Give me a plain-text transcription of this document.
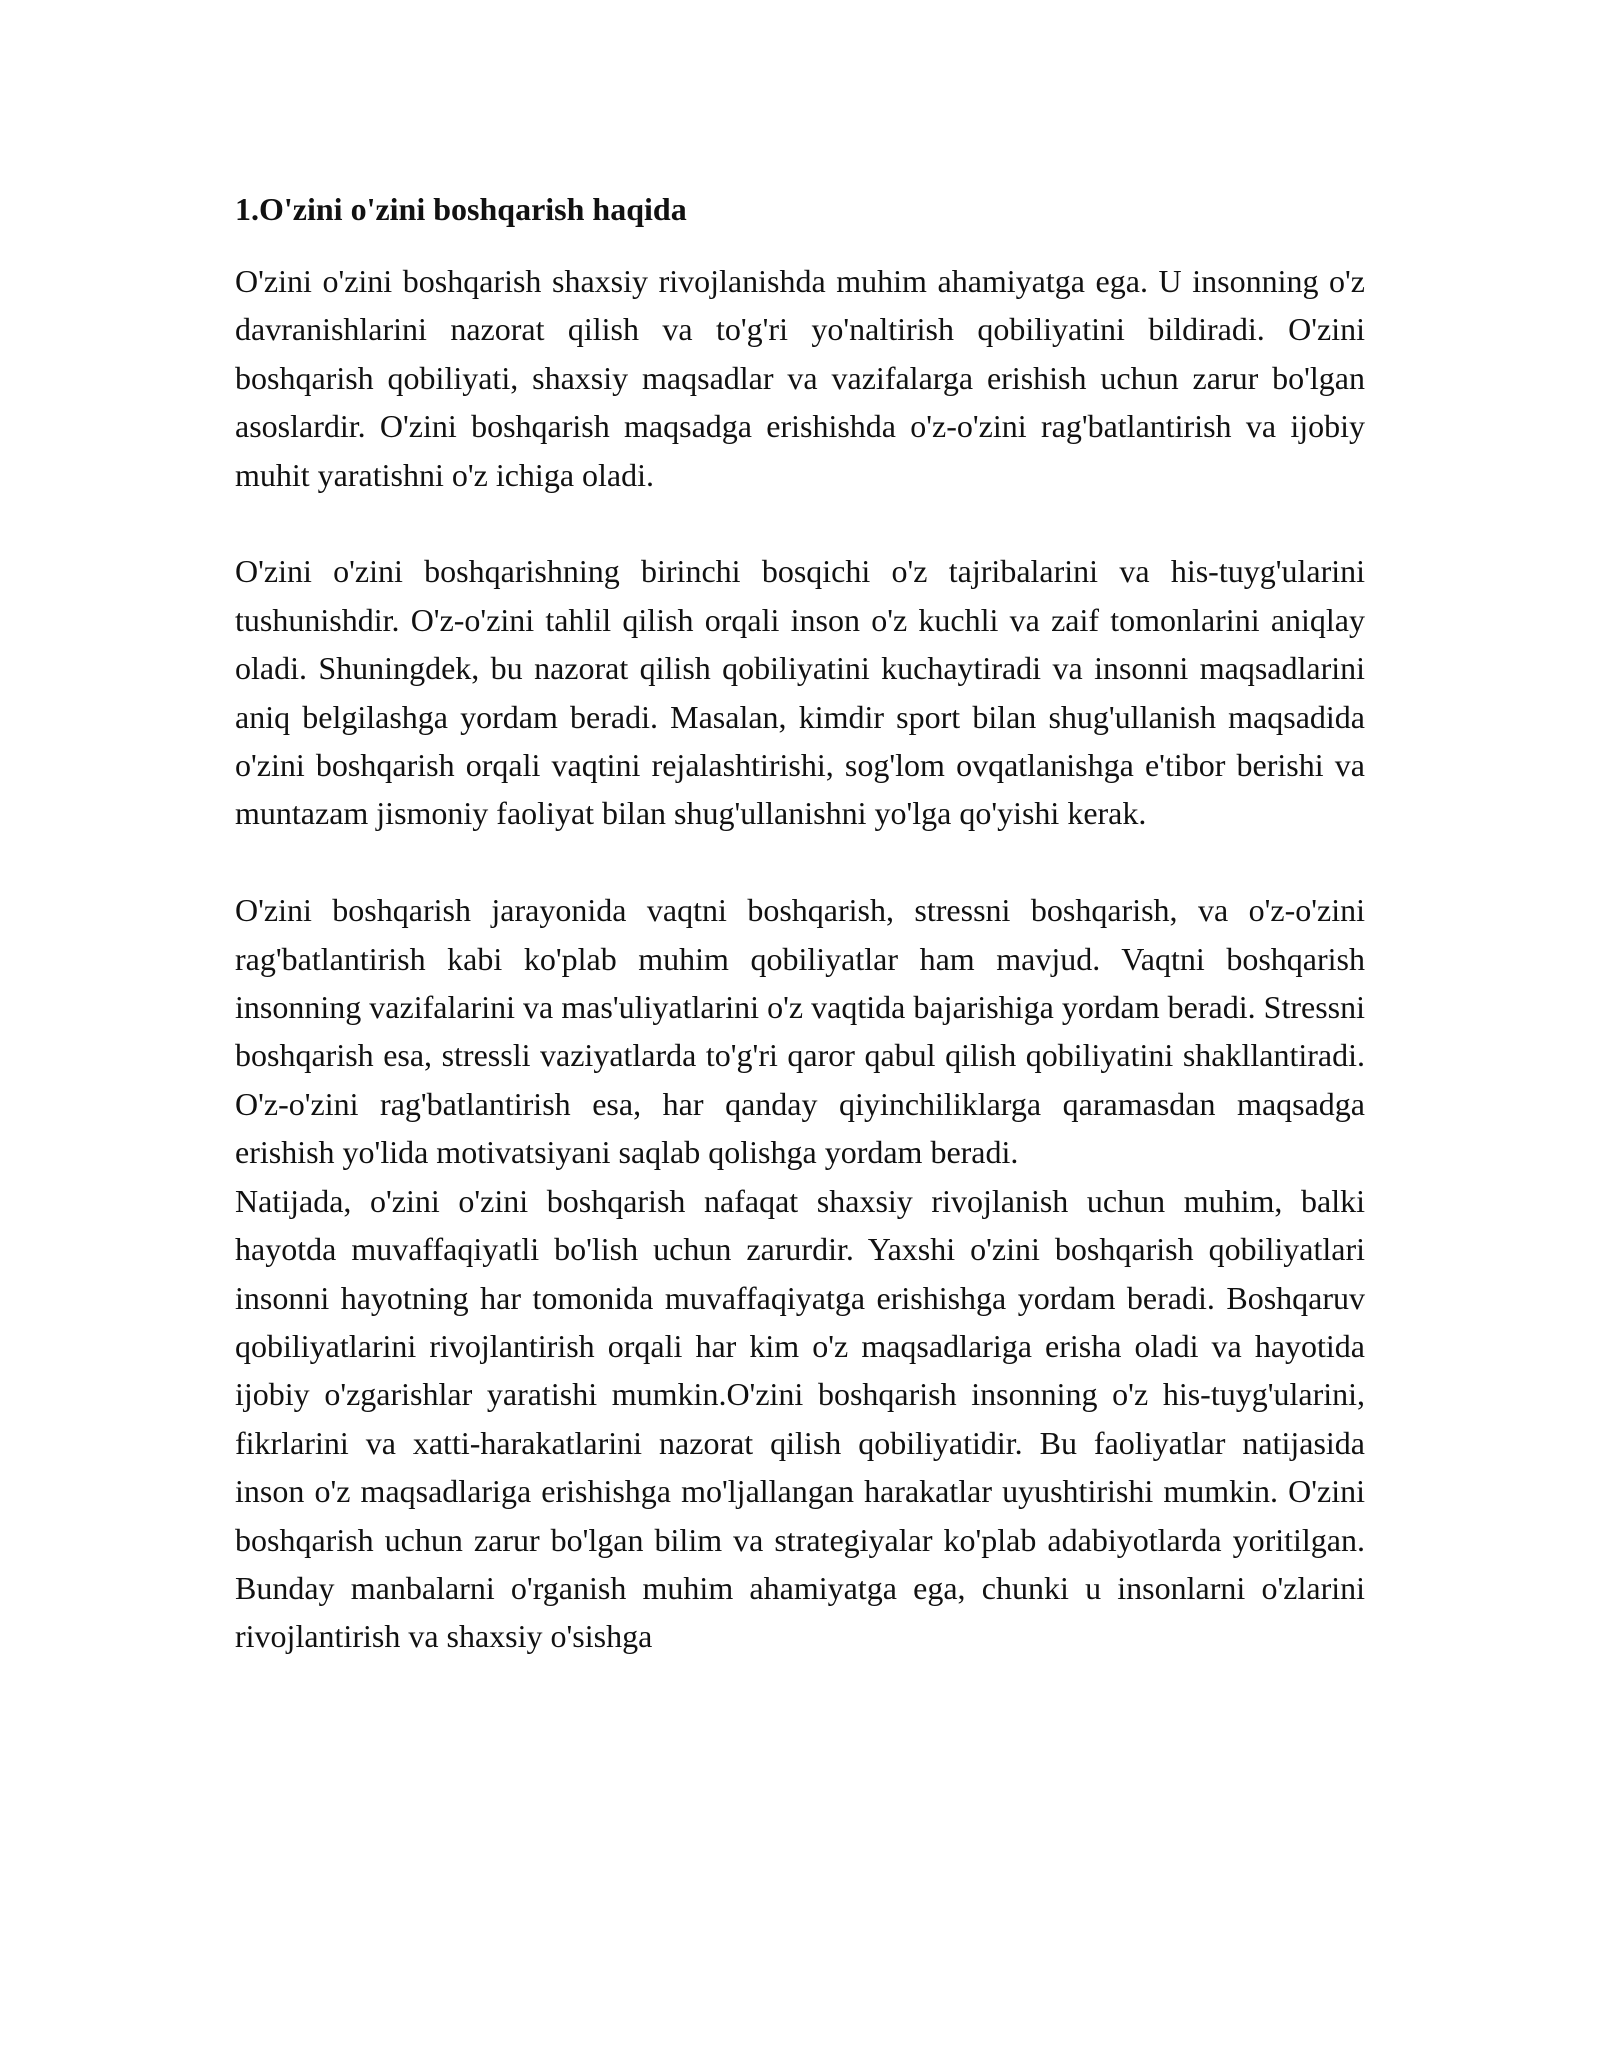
1.O'zini o'zini boshqarish haqida

O'zini o'zini boshqarish shaxsiy rivojlanishda muhim ahamiyatga ega. U insonning o'z davranishlarini nazorat qilish va to'g'ri yo'naltirish qobiliyatini bildiradi. O'zini boshqarish qobiliyati, shaxsiy maqsadlar va vazifalarga erishish uchun zarur bo'lgan asoslardir. O'zini boshqarish maqsadga erishishda o'z-o'zini rag'batlantirish va ijobiy muhit yaratishni o'z ichiga oladi.

O'zini o'zini boshqarishning birinchi bosqichi o'z tajribalarini va his-tuyg'ularini tushunishdir. O'z-o'zini tahlil qilish orqali inson o'z kuchli va zaif tomonlarini aniqlay oladi. Shuningdek, bu nazorat qilish qobiliyatini kuchaytiradi va insonni maqsadlarini aniq belgilashga yordam beradi. Masalan, kimdir sport bilan shug'ullanish maqsadida o'zini boshqarish orqali vaqtini rejalashtirishi, sog'lom ovqatlanishga e'tibor berishi va muntazam jismoniy faoliyat bilan shug'ullanishni yo'lga qo'yishi kerak.

O'zini boshqarish jarayonida vaqtni boshqarish, stressni boshqarish, va o'z-o'zini rag'batlantirish kabi ko'plab muhim qobiliyatlar ham mavjud. Vaqtni boshqarish insonning vazifalarini va mas'uliyatlarini o'z vaqtida bajarishiga yordam beradi. Stressni boshqarish esa, stressli vaziyatlarda to'g'ri qaror qabul qilish qobiliyatini shakllantiradi. O'z-o'zini rag'batlantirish esa, har qanday qiyinchiliklarga qaramasdan maqsadga erishish yo'lida motivatsiyani saqlab qolishga yordam beradi.

Natijada, o'zini o'zini boshqarish nafaqat shaxsiy rivojlanish uchun muhim, balki hayotda muvaffaqiyatli bo'lish uchun zarurdir. Yaxshi o'zini boshqarish qobiliyatlari insonni hayotning har tomonida muvaffaqiyatga erishishga yordam beradi. Boshqaruv qobiliyatlarini rivojlantirish orqali har kim o'z maqsadlariga erisha oladi va hayotida ijobiy o'zgarishlar yaratishi mumkin.O'zini boshqarish insonning o'z his-tuyg'ularini, fikrlarini va xatti-harakatlarini nazorat qilish qobiliyatidir. Bu faoliyatlar natijasida inson o'z maqsadlariga erishishga mo'ljallangan harakatlar uyushtirishi mumkin. O'zini boshqarish uchun zarur bo'lgan bilim va strategiyalar ko'plab adabiyotlarda yoritilgan. Bunday manbalarni o'rganish muhim ahamiyatga ega, chunki u insonlarni o'zlarini rivojlantirish va shaxsiy o'sishga
